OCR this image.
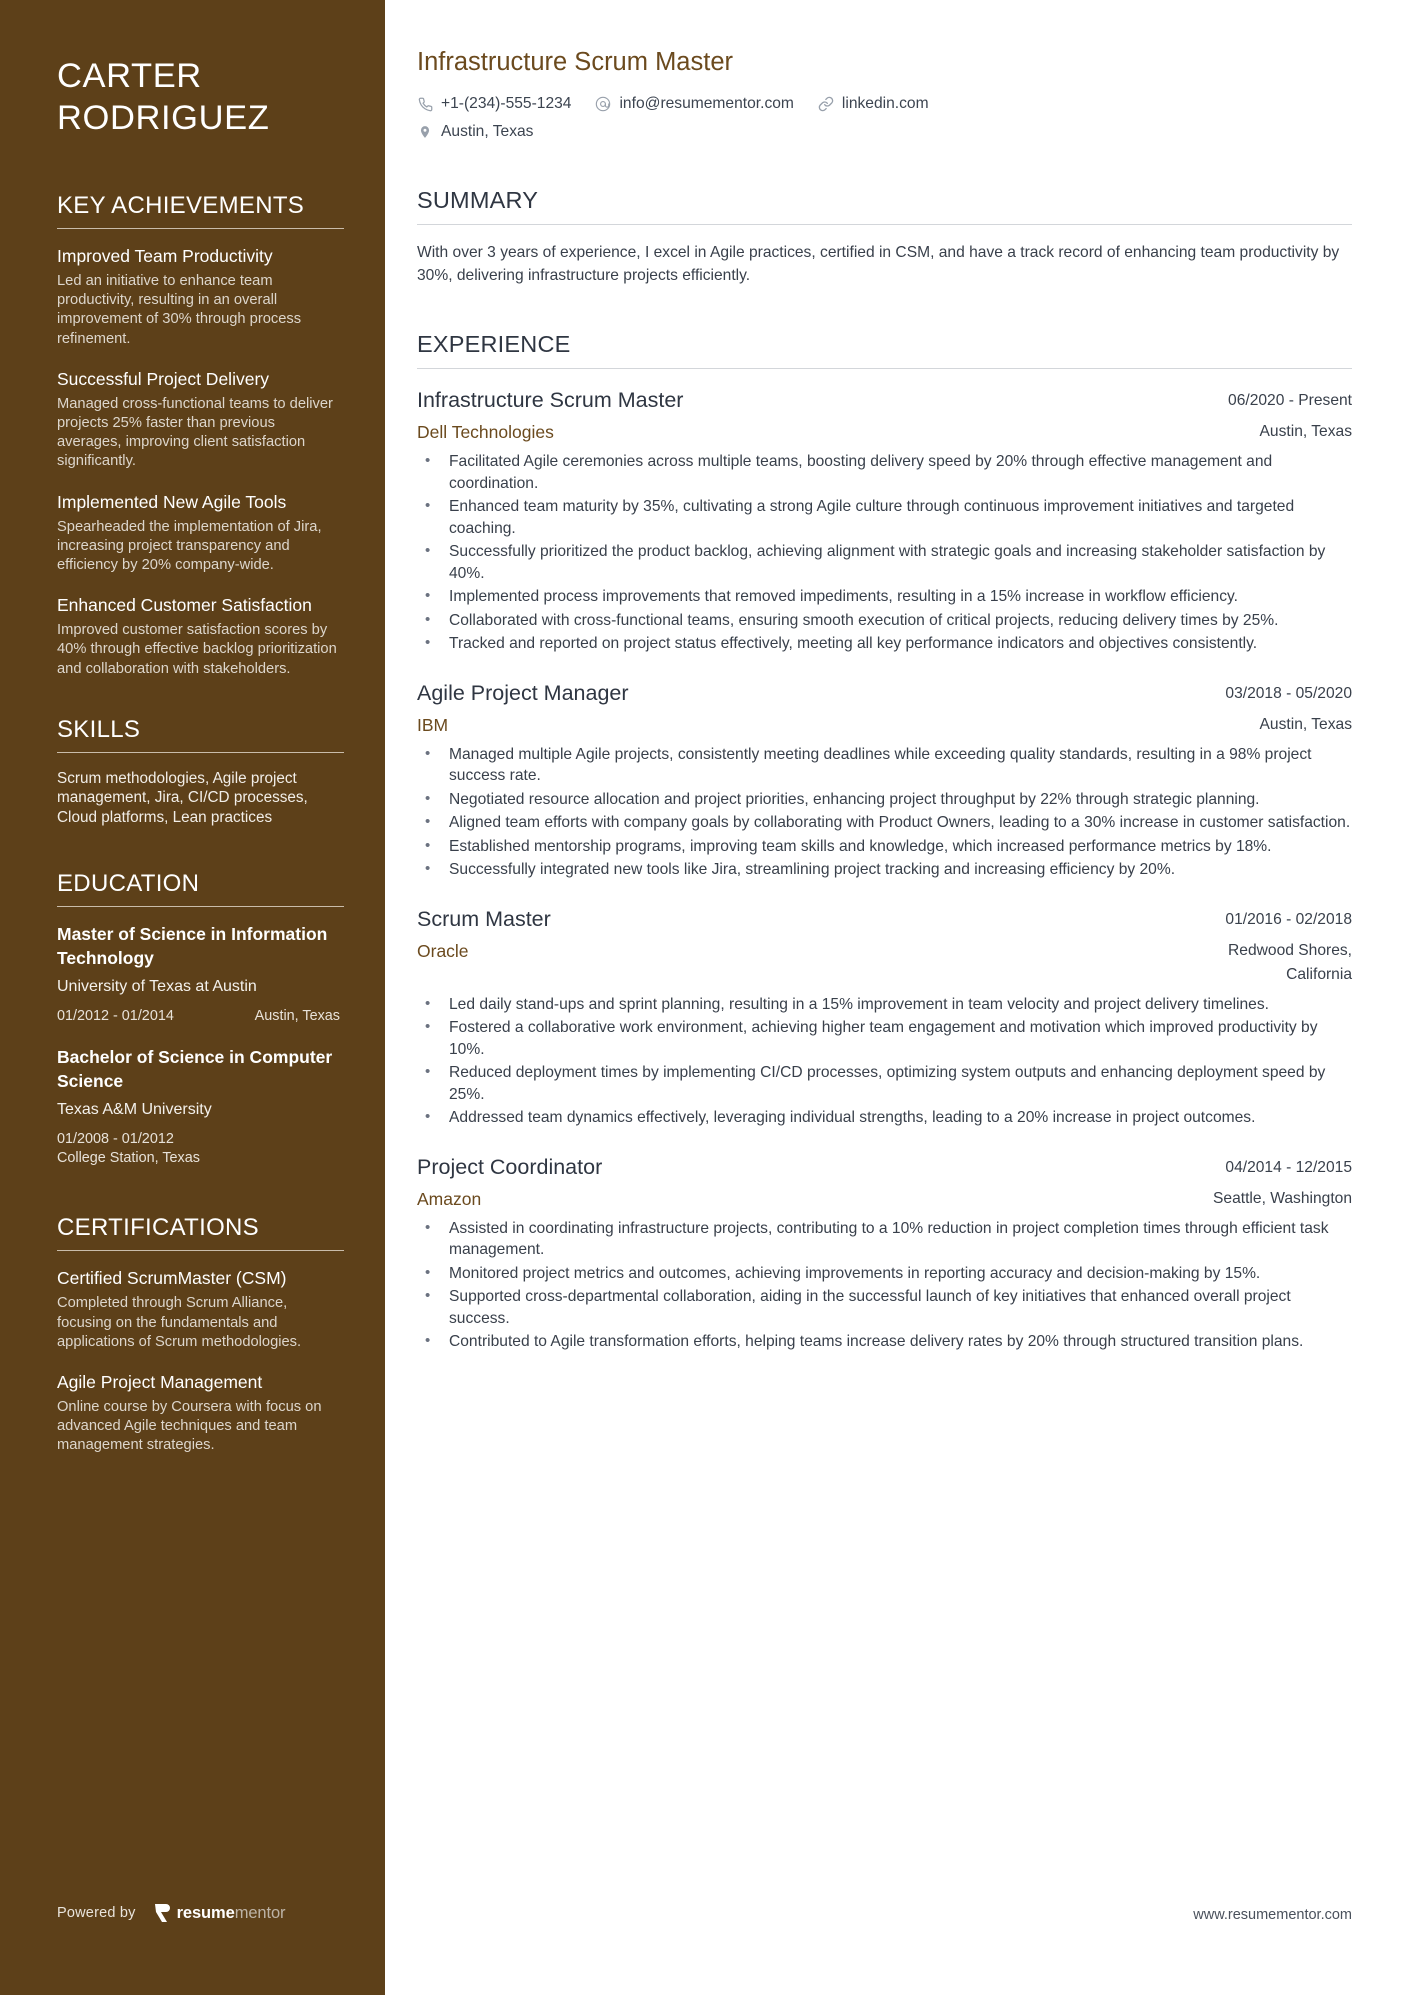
CARTER
RODRIGUEZ
KEY ACHIEVEMENTS
Improved Team Productivity
Led an initiative to enhance team productivity, resulting in an overall improvement of 30% through process refinement.
Successful Project Delivery
Managed cross-functional teams to deliver projects 25% faster than previous averages, improving client satisfaction significantly.
Implemented New Agile Tools
Spearheaded the implementation of Jira, increasing project transparency and efficiency by 20% company-wide.
Enhanced Customer Satisfaction
Improved customer satisfaction scores by 40% through effective backlog prioritization and collaboration with stakeholders.
SKILLS
Scrum methodologies, Agile project management, Jira, CI/CD processes, Cloud platforms, Lean practices
EDUCATION
Master of Science in Information Technology
University of Texas at Austin
01/2012 - 01/2014	Austin, Texas
Bachelor of Science in Computer Science
Texas A&M University
01/2008 - 01/2012
College Station, Texas
CERTIFICATIONS
Certified ScrumMaster (CSM)
Completed through Scrum Alliance, focusing on the fundamentals and applications of Scrum methodologies.
Agile Project Management
Online course by Coursera with focus on advanced Agile techniques and team management strategies.
Powered by resumementor
Infrastructure Scrum Master
+1-(234)-555-1234	info@resumementor.com	linkedin.com
Austin, Texas
SUMMARY

With over 3 years of experience, I excel in Agile practices, certified in CSM, and have a track record of enhancing team productivity by 30%, delivering infrastructure projects efficiently.

EXPERIENCE
Infrastructure Scrum Master	06/2020 - Present
Dell Technologies	Austin, Texas
• Facilitated Agile ceremonies across multiple teams, boosting delivery speed by 20% through effective management and coordination.
• Enhanced team maturity by 35%, cultivating a strong Agile culture through continuous improvement initiatives and targeted coaching.
• Successfully prioritized the product backlog, achieving alignment with strategic goals and increasing stakeholder satisfaction by 40%.
• Implemented process improvements that removed impediments, resulting in a 15% increase in workflow efficiency.
• Collaborated with cross-functional teams, ensuring smooth execution of critical projects, reducing delivery times by 25%.
• Tracked and reported on project status effectively, meeting all key performance indicators and objectives consistently.
Agile Project Manager	03/2018 - 05/2020
IBM	Austin, Texas
• Managed multiple Agile projects, consistently meeting deadlines while exceeding quality standards, resulting in a 98% project success rate.
• Negotiated resource allocation and project priorities, enhancing project throughput by 22% through strategic planning.
• Aligned team efforts with company goals by collaborating with Product Owners, leading to a 30% increase in customer satisfaction.
• Established mentorship programs, improving team skills and knowledge, which increased performance metrics by 18%.
• Successfully integrated new tools like Jira, streamlining project tracking and increasing efficiency by 20%.
Scrum Master	01/2016 - 02/2018
Oracle	Redwood Shores, California
• Led daily stand-ups and sprint planning, resulting in a 15% improvement in team velocity and project delivery timelines.
• Fostered a collaborative work environment, achieving higher team engagement and motivation which improved productivity by 10%.
• Reduced deployment times by implementing CI/CD processes, optimizing system outputs and enhancing deployment speed by 25%.
• Addressed team dynamics effectively, leveraging individual strengths, leading to a 20% increase in project outcomes.
Project Coordinator	04/2014 - 12/2015
Amazon	Seattle, Washington
• Assisted in coordinating infrastructure projects, contributing to a 10% reduction in project completion times through efficient task management.
• Monitored project metrics and outcomes, achieving improvements in reporting accuracy and decision-making by 15%.
• Supported cross-departmental collaboration, aiding in the successful launch of key initiatives that enhanced overall project success.
• Contributed to Agile transformation efforts, helping teams increase delivery rates by 20% through structured transition plans.
www.resumementor.com
